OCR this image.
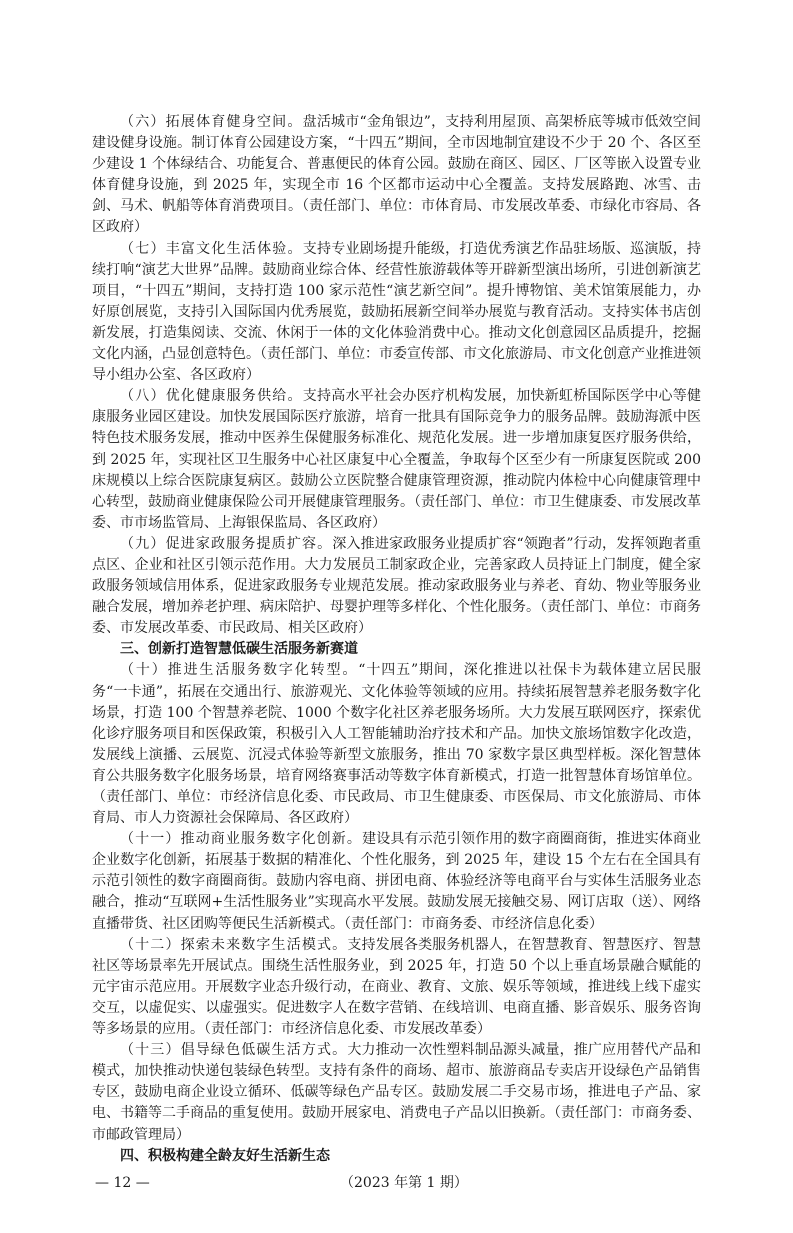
（六）拓展体育健身空间。盘活城市“金角银边”，支持利用屋顶、高架桥底等城市低效空间建设健身设施。制订体育公园建设方案，“十四五”期间，全市因地制宜建设不少于 20 个、各区至少建设 1 个体绿结合、功能复合、普惠便民的体育公园。鼓励在商区、园区、厂区等嵌入设置专业体育健身设施，到 2025 年，实现全市 16 个区都市运动中心全覆盖。支持发展路跑、冰雪、击剑、马术、帆船等体育消费项目。（责任部门、单位：市体育局、市发展改革委、市绿化市容局、各区政府）

（七）丰富文化生活体验。支持专业剧场提升能级，打造优秀演艺作品驻场版、巡演版，持续打响“演艺大世界”品牌。鼓励商业综合体、经营性旅游载体等开辟新型演出场所，引进创新演艺项目，“十四五”期间，支持打造 100 家示范性“演艺新空间”。提升博物馆、美术馆策展能力，办好原创展览，支持引入国际国内优秀展览，鼓励拓展新空间举办展览与教育活动。支持实体书店创新发展，打造集阅读、交流、休闲于一体的文化体验消费中心。推动文化创意园区品质提升，挖掘文化内涵，凸显创意特色。（责任部门、单位：市委宣传部、市文化旅游局、市文化创意产业推进领导小组办公室、各区政府）

（八）优化健康服务供给。支持高水平社会办医疗机构发展，加快新虹桥国际医学中心等健康服务业园区建设。加快发展国际医疗旅游，培育一批具有国际竞争力的服务品牌。鼓励海派中医特色技术服务发展，推动中医养生保健服务标准化、规范化发展。进一步增加康复医疗服务供给，到 2025 年，实现社区卫生服务中心社区康复中心全覆盖，争取每个区至少有一所康复医院或 200 床规模以上综合医院康复病区。鼓励公立医院整合健康管理资源，推动院内体检中心向健康管理中心转型，鼓励商业健康保险公司开展健康管理服务。（责任部门、单位：市卫生健康委、市发展改革委、市市场监管局、上海银保监局、各区政府）

（九）促进家政服务提质扩容。深入推进家政服务业提质扩容“领跑者”行动，发挥领跑者重点区、企业和社区引领示范作用。大力发展员工制家政企业，完善家政人员持证上门制度，健全家政服务领域信用体系，促进家政服务专业规范发展。推动家政服务业与养老、育幼、物业等服务业融合发展，增加养老护理、病床陪护、母婴护理等多样化、个性化服务。（责任部门、单位：市商务委、市发展改革委、市民政局、相关区政府）

三、创新打造智慧低碳生活服务新赛道

（十）推进生活服务数字化转型。“十四五”期间，深化推进以社保卡为载体建立居民服务“一卡通”，拓展在交通出行、旅游观光、文化体验等领域的应用。持续拓展智慧养老服务数字化场景，打造 100 个智慧养老院、1000 个数字化社区养老服务场所。大力发展互联网医疗，探索优化诊疗服务项目和医保政策，积极引入人工智能辅助治疗技术和产品。加快文旅场馆数字化改造，发展线上演播、云展览、沉浸式体验等新型文旅服务，推出 70 家数字景区典型样板。深化智慧体育公共服务数字化服务场景，培育网络赛事活动等数字体育新模式，打造一批智慧体育场馆单位。（责任部门、单位：市经济信息化委、市民政局、市卫生健康委、市医保局、市文化旅游局、市体育局、市人力资源社会保障局、各区政府）

（十一）推动商业服务数字化创新。建设具有示范引领作用的数字商圈商街，推进实体商业企业数字化创新，拓展基于数据的精准化、个性化服务，到 2025 年，建设 15 个左右在全国具有示范引领性的数字商圈商街。鼓励内容电商、拼团电商、体验经济等电商平台与实体生活服务业态融合，推动“互联网+生活性服务业”实现高水平发展。鼓励发展无接触交易、网订店取（送）、网络直播带货、社区团购等便民生活新模式。（责任部门：市商务委、市经济信息化委）

（十二）探索未来数字生活模式。支持发展各类服务机器人，在智慧教育、智慧医疗、智慧社区等场景率先开展试点。围绕生活性服务业，到 2025 年，打造 50 个以上垂直场景融合赋能的元宇宙示范应用。开展数字业态升级行动，在商业、教育、文旅、娱乐等领域，推进线上线下虚实交互，以虚促实、以虚强实。促进数字人在数字营销、在线培训、电商直播、影音娱乐、服务咨询等多场景的应用。（责任部门：市经济信息化委、市发展改革委）

（十三）倡导绿色低碳生活方式。大力推动一次性塑料制品源头减量，推广应用替代产品和模式，加快推动快递包装绿色转型。支持有条件的商场、超市、旅游商品专卖店开设绿色产品销售专区，鼓励电商企业设立循环、低碳等绿色产品专区。鼓励发展二手交易市场，推进电子产品、家电、书籍等二手商品的重复使用。鼓励开展家电、消费电子产品以旧换新。（责任部门：市商务委、市邮政管理局）

四、积极构建全龄友好生活新生态
— 12 —	（2023 年第 1 期）
